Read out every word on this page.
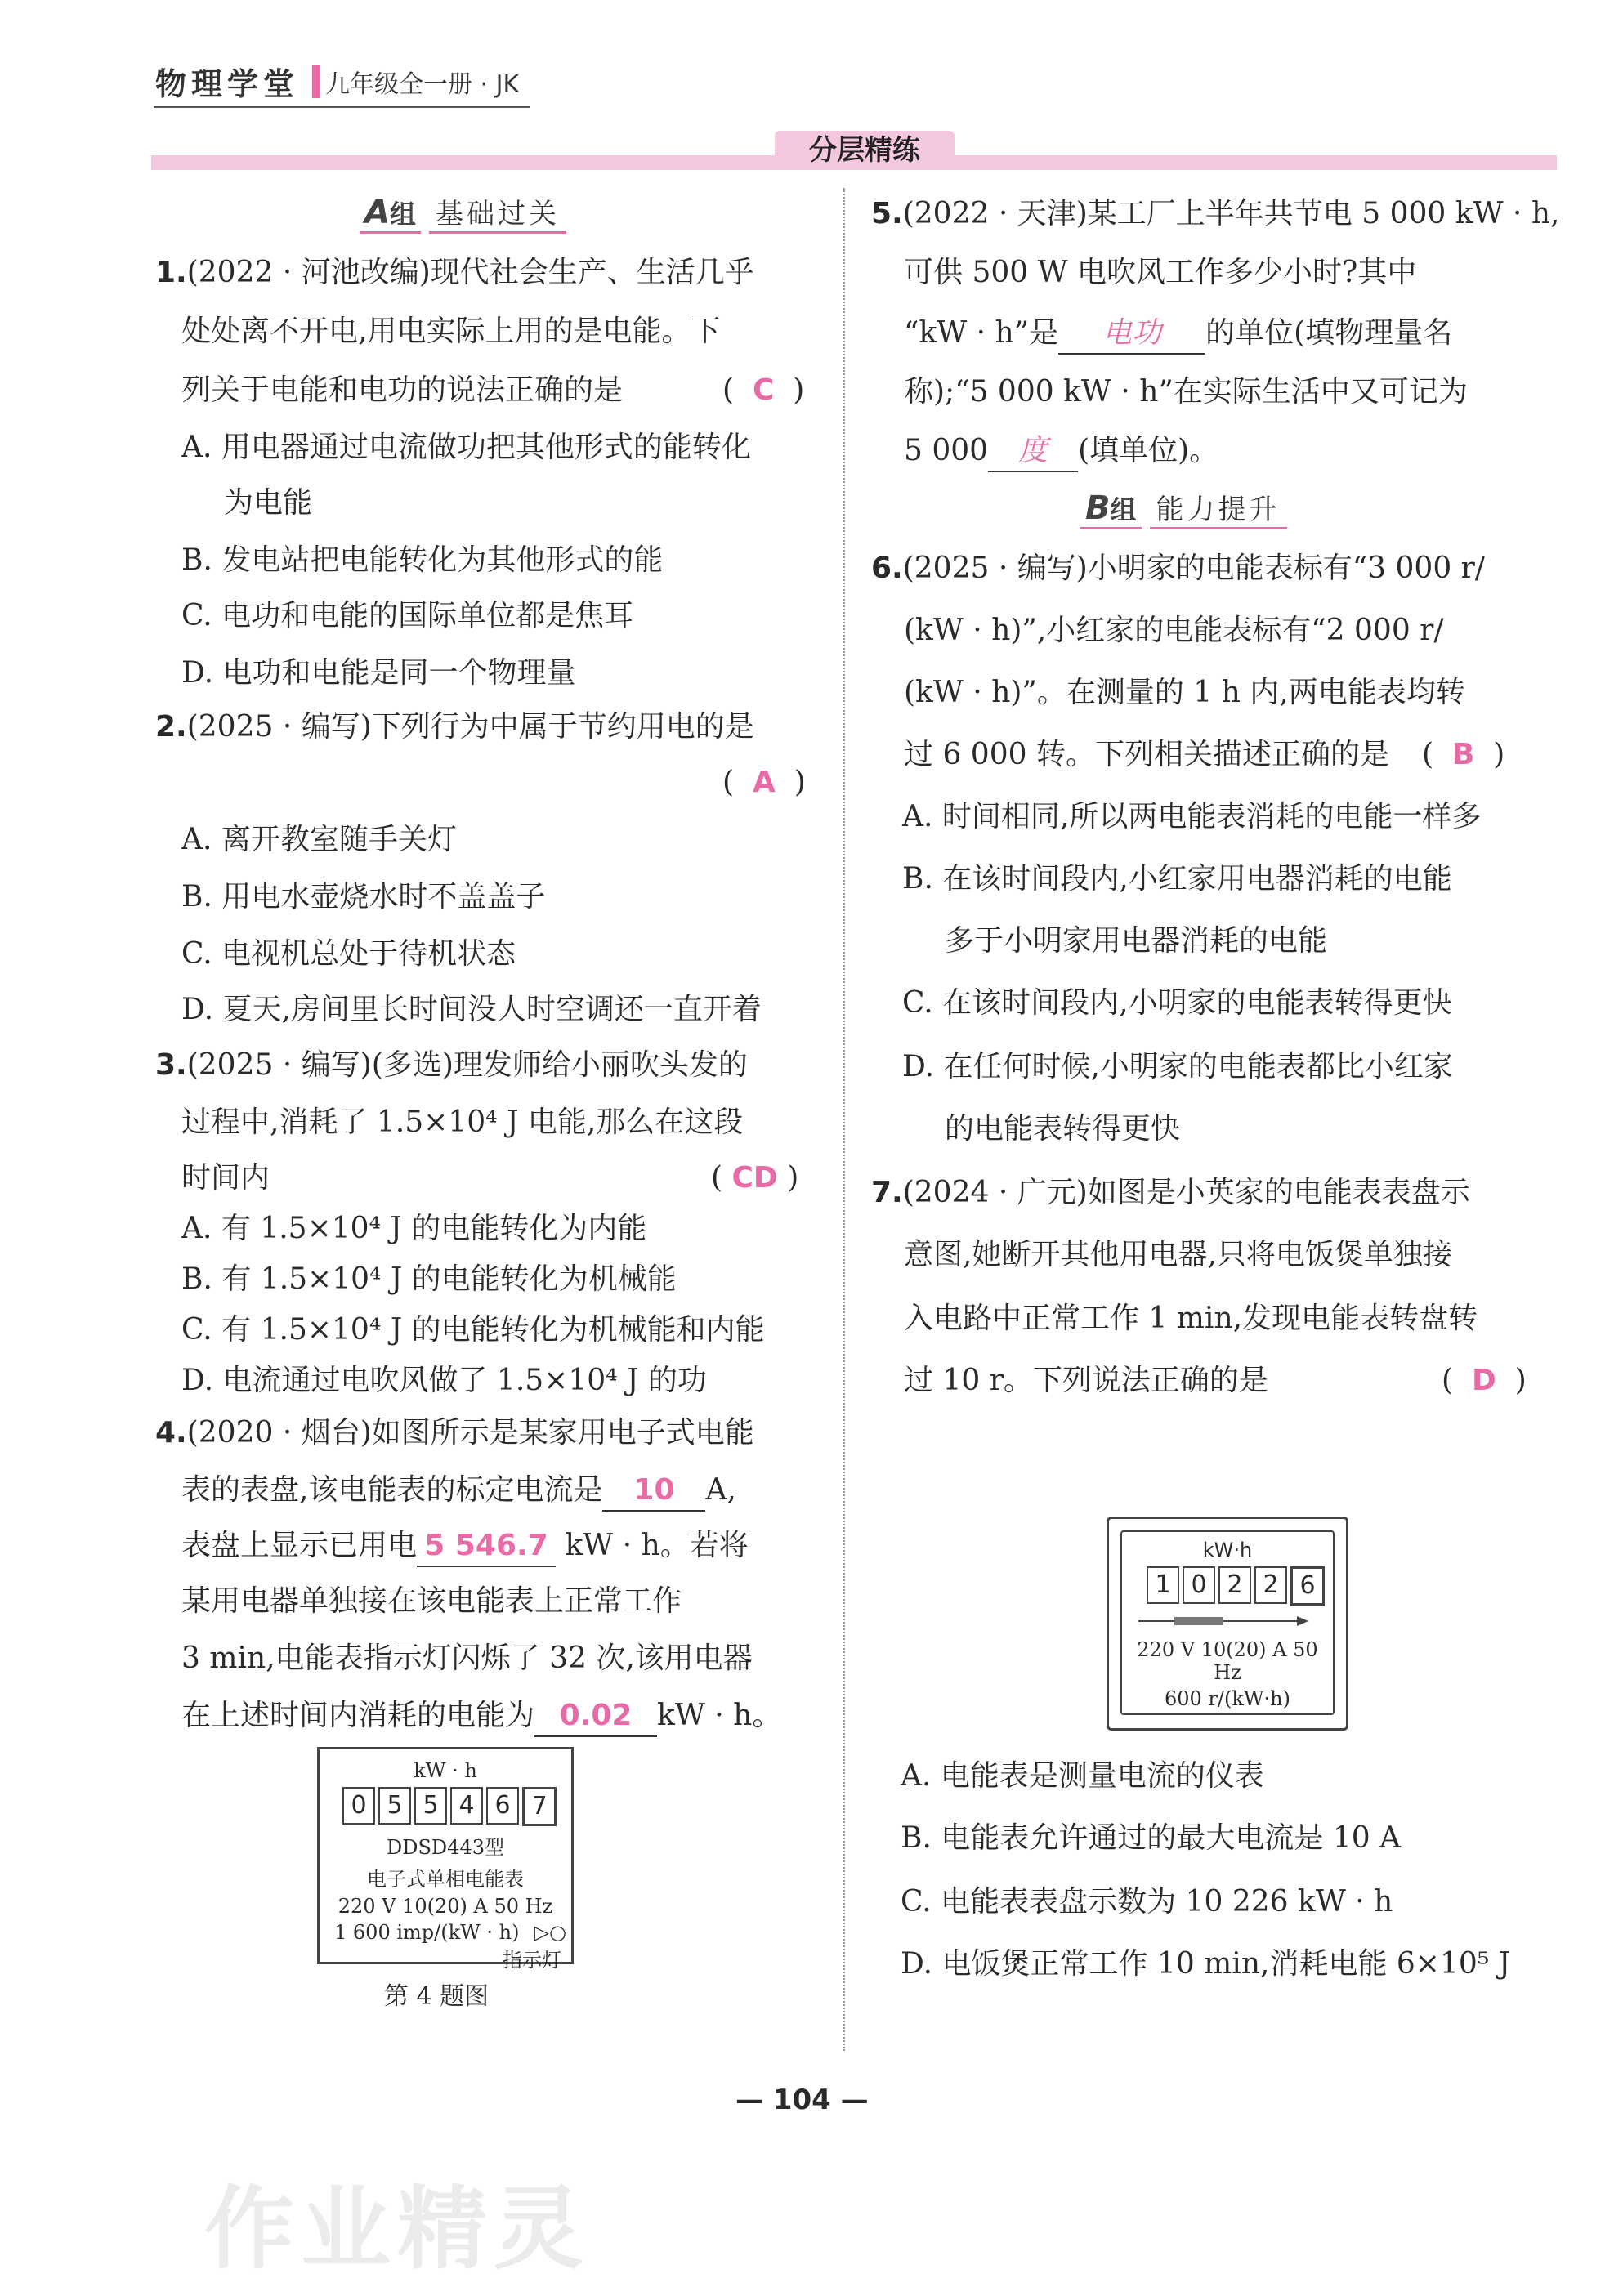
物理学堂 九年级全一册 · JK
分层精练
A组 基础过关
1.(2022 · 河池改编)现代社会生产、生活几乎
处处离不开电,用电实际上用的是电能。下
列关于电能和电功的说法正确的是	(  C  )
A. 用电器通过电流做功把其他形式的能转化
为电能
B. 发电站把电能转化为其他形式的能
C. 电功和电能的国际单位都是焦耳
D. 电功和电能是同一个物理量
2.(2025 · 编写)下列行为中属于节约用电的是
(  A  )
A. 离开教室随手关灯
B. 用电水壶烧水时不盖盖子
C. 电视机总处于待机状态
D. 夏天,房间里长时间没人时空调还一直开着
3.(2025 · 编写)(多选)理发师给小丽吹头发的
过程中,消耗了 1.5×10⁴ J 电能,那么在这段
时间内	( CD )
A. 有 1.5×10⁴ J 的电能转化为内能
B. 有 1.5×10⁴ J 的电能转化为机械能
C. 有 1.5×10⁴ J 的电能转化为机械能和内能
D. 电流通过电吹风做了 1.5×10⁴ J 的功
4.(2020 · 烟台)如图所示是某家用电子式电能
表的表盘,该电能表的标定电流是 10 A,
表盘上显示已用电 5 546.7 kW · h。若将
某用电器单独接在该电能表上正常工作
3 min,电能表指示灯闪烁了 32 次,该用电器
在上述时间内消耗的电能为 0.02 kW · h。
kW · h
0 5 5 4 6 7
DDSD443型
电子式单相电能表
220 V 10(20) A 50 Hz
1 600 imp/(kW · h) ▷○
指示灯
第 4 题图
5.(2022 · 天津)某工厂上半年共节电 5 000 kW · h,
可供 500 W 电吹风工作多少小时?其中
“kW · h”是 电功 的单位(填物理量名
称);“5 000 kW · h”在实际生活中又可记为
5 000 度 (填单位)。
B组 能力提升
6.(2025 · 编写)小明家的电能表标有“3 000 r/
(kW · h)”,小红家的电能表标有“2 000 r/
(kW · h)”。在测量的 1 h 内,两电能表均转
过 6 000 转。下列相关描述正确的是 (  B  )
A. 时间相同,所以两电能表消耗的电能一样多
B. 在该时间段内,小红家用电器消耗的电能
多于小明家用电器消耗的电能
C. 在该时间段内,小明家的电能表转得更快
D. 在任何时候,小明家的电能表都比小红家
的电能表转得更快
7.(2024 · 广元)如图是小英家的电能表表盘示
意图,她断开其他用电器,只将电饭煲单独接
入电路中正常工作 1 min,发现电能表转盘转
过 10 r。下列说法正确的是	(  D  )
kW·h
1 0 2 2 6
220 V 10(20) A 50 Hz
600 r/(kW·h)
A. 电能表是测量电流的仪表
B. 电能表允许通过的最大电流是 10 A
C. 电能表表盘示数为 10 226 kW · h
D. 电饭煲正常工作 10 min,消耗电能 6×10⁵ J
— 104 —
作业精灵
